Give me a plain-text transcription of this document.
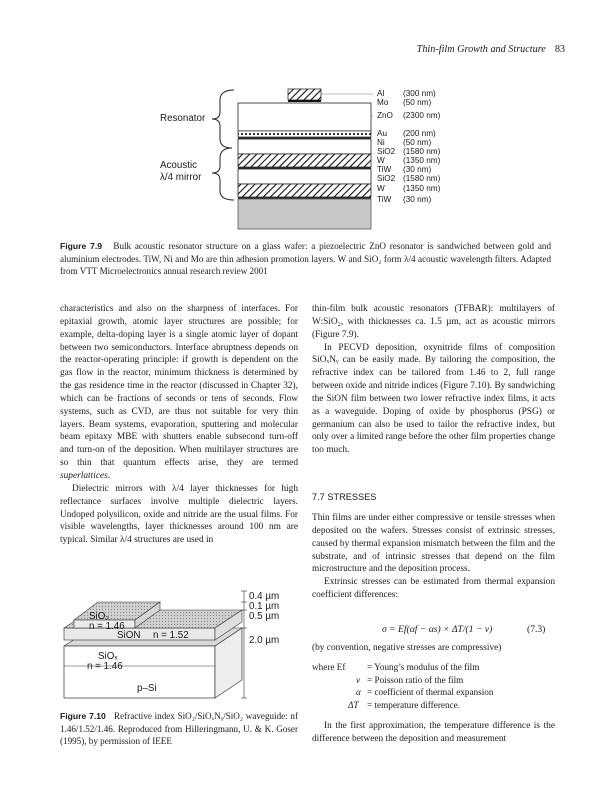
Thin-film Growth and Structure 83
Resonator
Acoustic
λ/4 mirror
Al (300 nm)
Mo (50 nm)
ZnO (2300 nm)
Au (200 nm)
Ni (50 nm)
SiO2 (1580 nm)
W (1350 nm)
TiW (30 nm)
SiO2 (1580 nm)
W (1350 nm)
TiW (30 nm)
Figure 7.9 Bulk acoustic resonator structure on a glass wafer: a piezoelectric ZnO resonator is sandwiched between gold and aluminium electrodes. TiW, Ni and Mo are thin adhesion promotion layers. W and SiO₂ form λ/4 acoustic wavelength filters. Adapted from VTT Microelectronics annual research review 2001

characteristics and also on the sharpness of interfaces. For epitaxial growth, atomic layer structures are possible; for example, delta-doping layer is a single atomic layer of dopant between two semiconductors. Interface abruptness depends on the reactor-operating principle: if growth is dependent on the gas flow in the reactor, minimum thickness is determined by the gas residence time in the reactor (discussed in Chapter 32), which can be fractions of seconds or tens of seconds. Flow systems, such as CVD, are thus not suitable for very thin layers. Beam systems, evaporation, sputtering and molecular beam epitaxy MBE with shutters enable subsecond turn-off and turn-on of the deposition. When multilayer structures are so thin that quantum effects arise, they are termed superlattices.

Dielectric mirrors with λ/4 layer thicknesses for high reflectance surfaces involve multiple dielectric layers. Undoped polysilicon, oxide and nitride are the usual films. For visible wavelengths, layer thicknesses around 100 nm are typical. Similar λ/4 structures are used in

0.4 µm
0.1 µm
0.5 µm
2.0 µm
SiO₂
n = 1.46
SiON n = 1.52
SiOₓ
n = 1.46
p–Si
Figure 7.10 Refractive index SiO₂/SiOₓNᵧ/SiO₂ waveguide: nf 1.46/1.52/1.46. Reproduced from Hilleringmann, U. & K. Goser (1995), by permission of IEEE

thin-film bulk acoustic resonators (TFBAR): multilayers of W:SiO₂, with thicknesses ca. 1.5 µm, act as acoustic mirrors (Figure 7.9).

In PECVD deposition, oxynitride films of composition SiOₓNᵧ can be easily made. By tailoring the composition, the refractive index can be tailored from 1.46 to 2, full range between oxide and nitride indices (Figure 7.10). By sandwiching the SiON film between two lower refractive index films, it acts as a waveguide. Doping of oxide by phosphorus (PSG) or germanium can also be used to tailor the refractive index, but only over a limited range before the other film properties change too much.

7.7 STRESSES

Thin films are under either compressive or tensile stresses when deposited on the wafers. Stresses consist of extrinsic stresses, caused by thermal expansion mismatch between the film and the substrate, and of intrinsic stresses that depend on the film microstructure and the deposition process.

Extrinsic stresses can be estimated from thermal expansion coefficient differences:

σ = Ef(αf − αs) × ΔT/(1 − ν)	(7.3)
(by convention, negative stresses are compressive)
where Ef = Young’s modulus of the film
ν = Poisson ratio of the film
α = coefficient of thermal expansion
ΔT = temperature difference.

In the first approximation, the temperature difference is the difference between the deposition and measurement
